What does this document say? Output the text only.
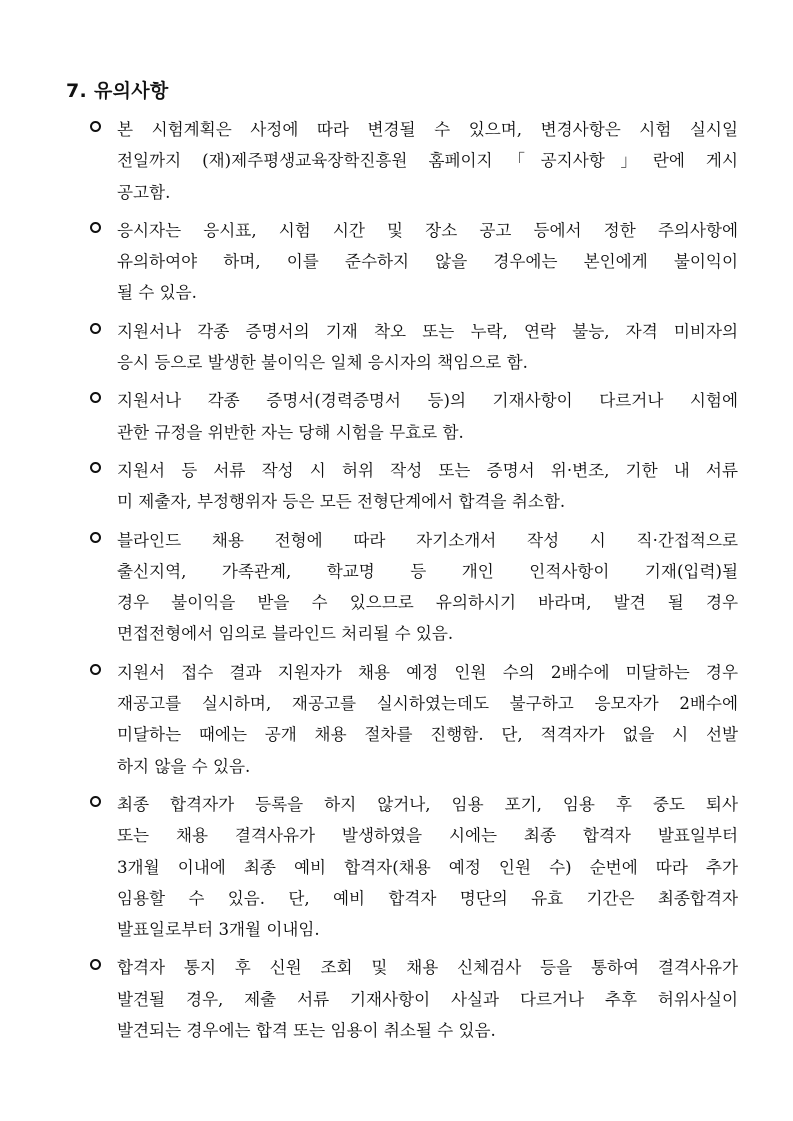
7. 유의사항
본 시험계획은 사정에 따라 변경될 수 있으며, 변경사항은 시험 실시일
전일까지 (재)제주평생교육장학진흥원 홈페이지「공지사항」란에 게시
공고함.
응시자는 응시표, 시험 시간 및 장소 공고 등에서 정한 주의사항에
유의하여야 하며, 이를 준수하지 않을 경우에는 본인에게 불이익이
될 수 있음.
지원서나 각종 증명서의 기재 착오 또는 누락, 연락 불능, 자격 미비자의
응시 등으로 발생한 불이익은 일체 응시자의 책임으로 함.
지원서나 각종 증명서(경력증명서 등)의 기재사항이 다르거나 시험에
관한 규정을 위반한 자는 당해 시험을 무효로 함.
지원서 등 서류 작성 시 허위 작성 또는 증명서 위·변조, 기한 내 서류
미 제출자, 부정행위자 등은 모든 전형단계에서 합격을 취소함.
블라인드 채용 전형에 따라 자기소개서 작성 시 직·간접적으로
출신지역, 가족관계, 학교명 등 개인 인적사항이 기재(입력)될
경우 불이익을 받을 수 있으므로 유의하시기 바라며, 발견 될 경우
면접전형에서 임의로 블라인드 처리될 수 있음.
지원서 접수 결과 지원자가 채용 예정 인원 수의 2배수에 미달하는 경우
재공고를 실시하며, 재공고를 실시하였는데도 불구하고 응모자가 2배수에
미달하는 때에는 공개 채용 절차를 진행함. 단, 적격자가 없을 시 선발
하지 않을 수 있음.
최종 합격자가 등록을 하지 않거나, 임용 포기, 임용 후 중도 퇴사
또는 채용 결격사유가 발생하였을 시에는 최종 합격자 발표일부터
3개월 이내에 최종 예비 합격자(채용 예정 인원 수) 순번에 따라 추가
임용할 수 있음. 단, 예비 합격자 명단의 유효 기간은 최종합격자
발표일로부터 3개월 이내임.
합격자 통지 후 신원 조회 및 채용 신체검사 등을 통하여 결격사유가
발견될 경우, 제출 서류 기재사항이 사실과 다르거나 추후 허위사실이
발견되는 경우에는 합격 또는 임용이 취소될 수 있음.
